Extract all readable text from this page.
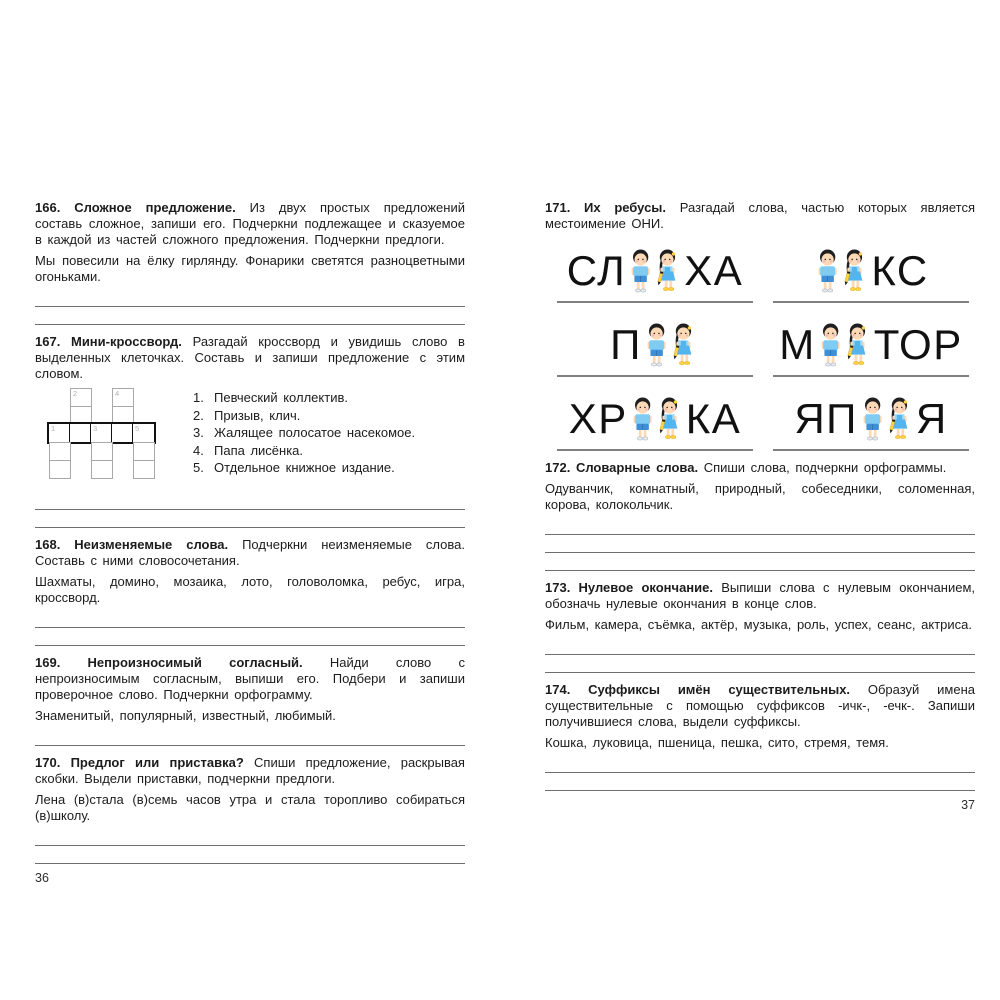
166. Сложное предложение. Из двух простых предложений составь сложное, запиши его. Подчеркни подлежащее и сказуемое в каждой из частей сложного предложения. Подчеркни предлоги.

Мы повесили на ёлку гирлянду. Фонарики светятся разноцветными огоньками.

167. Мини-кроссворд. Разгадай кроссворд и увидишь слово в выделенных клеточках. Составь и запиши предложение с этим словом.

2	4
1	3	5
1. Певческий коллектив.
2. Призыв, клич.
3. Жалящее полосатое насекомое.
4. Папа лисёнка.
5. Отдельное книжное издание.

168. Неизменяемые слова. Подчеркни неизменяемые слова. Составь с ними словосочетания.

Шахматы, домино, мозаика, лото, головоломка, ребус, игра, кроссворд.

169. Непроизносимый согласный. Найди слово с непроизносимым согласным, выпиши его. Подбери и запиши проверочное слово. Подчеркни орфограмму.

Знаменитый, популярный, известный, любимый.

170. Предлог или приставка? Спиши предложение, раскрывая скобки. Выдели приставки, подчеркни предлоги.

Лена (в)стала (в)семь часов утра и стала торопливо собираться (в)школу.

36

171. Их ребусы. Разгадай слова, частью которых является местоимение ОНИ.

СЛ ХА	КС
П	М ТОР
ХР КА ЯП Я

172. Словарные слова. Спиши слова, подчеркни орфограммы.

Одуванчик, комнатный, природный, собеседники, соломенная, корова, колокольчик.

173. Нулевое окончание. Выпиши слова с нулевым окончанием, обозначь нулевые окончания в конце слов.

Фильм, камера, съёмка, актёр, музыка, роль, успех, сеанс, актриса.

174. Суффиксы имён существительных. Образуй имена существительные с помощью суффиксов -ичк-, -ечк-. Запиши получившиеся слова, выдели суффиксы.

Кошка, луковица, пшеница, пешка, сито, стремя, темя.

37
